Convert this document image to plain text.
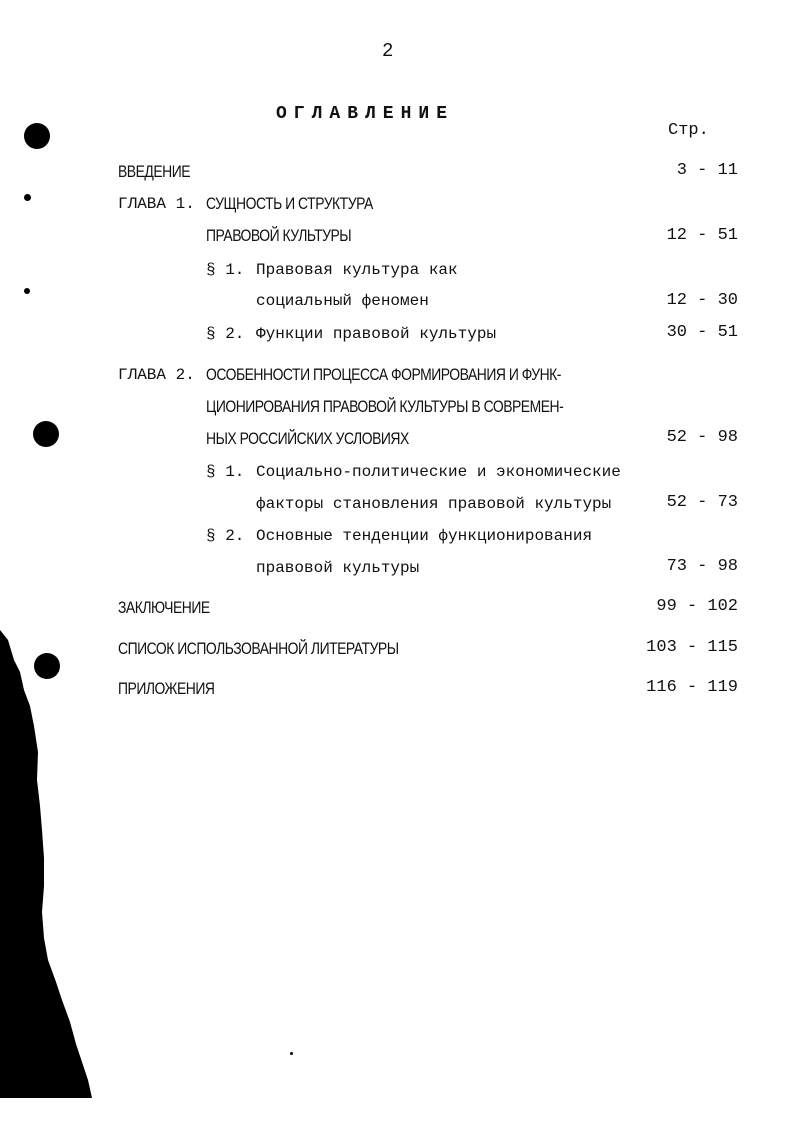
2
ОГЛАВЛЕНИЕ
Стр.
ВВЕДЕНИЕ	3 - 11
ГЛАВА 1. СУЩНОСТЬ И СТРУКТУРА
ПРАВОВОЙ КУЛЬТУРЫ	12 - 51
§ 1. Правовая культура как
социальный феномен	12 - 30
§ 2. Функции правовой культуры	30 - 51
ГЛАВА 2. ОСОБЕННОСТИ ПРОЦЕССА ФОРМИРОВАНИЯ И ФУНК-
ЦИОНИРОВАНИЯ ПРАВОВОЙ КУЛЬТУРЫ В СОВРЕМЕН-
НЫХ РОССИЙСКИХ УСЛОВИЯХ	52 - 98
§ 1. Социально-политические и экономические
факторы становления правовой культуры	52 - 73
§ 2. Основные тенденции функционирования
правовой культуры	73 - 98
ЗАКЛЮЧЕНИЕ	99 - 102
СПИСОК ИСПОЛЬЗОВАННОЙ ЛИТЕРАТУРЫ	103 - 115
ПРИЛОЖЕНИЯ	116 - 119
